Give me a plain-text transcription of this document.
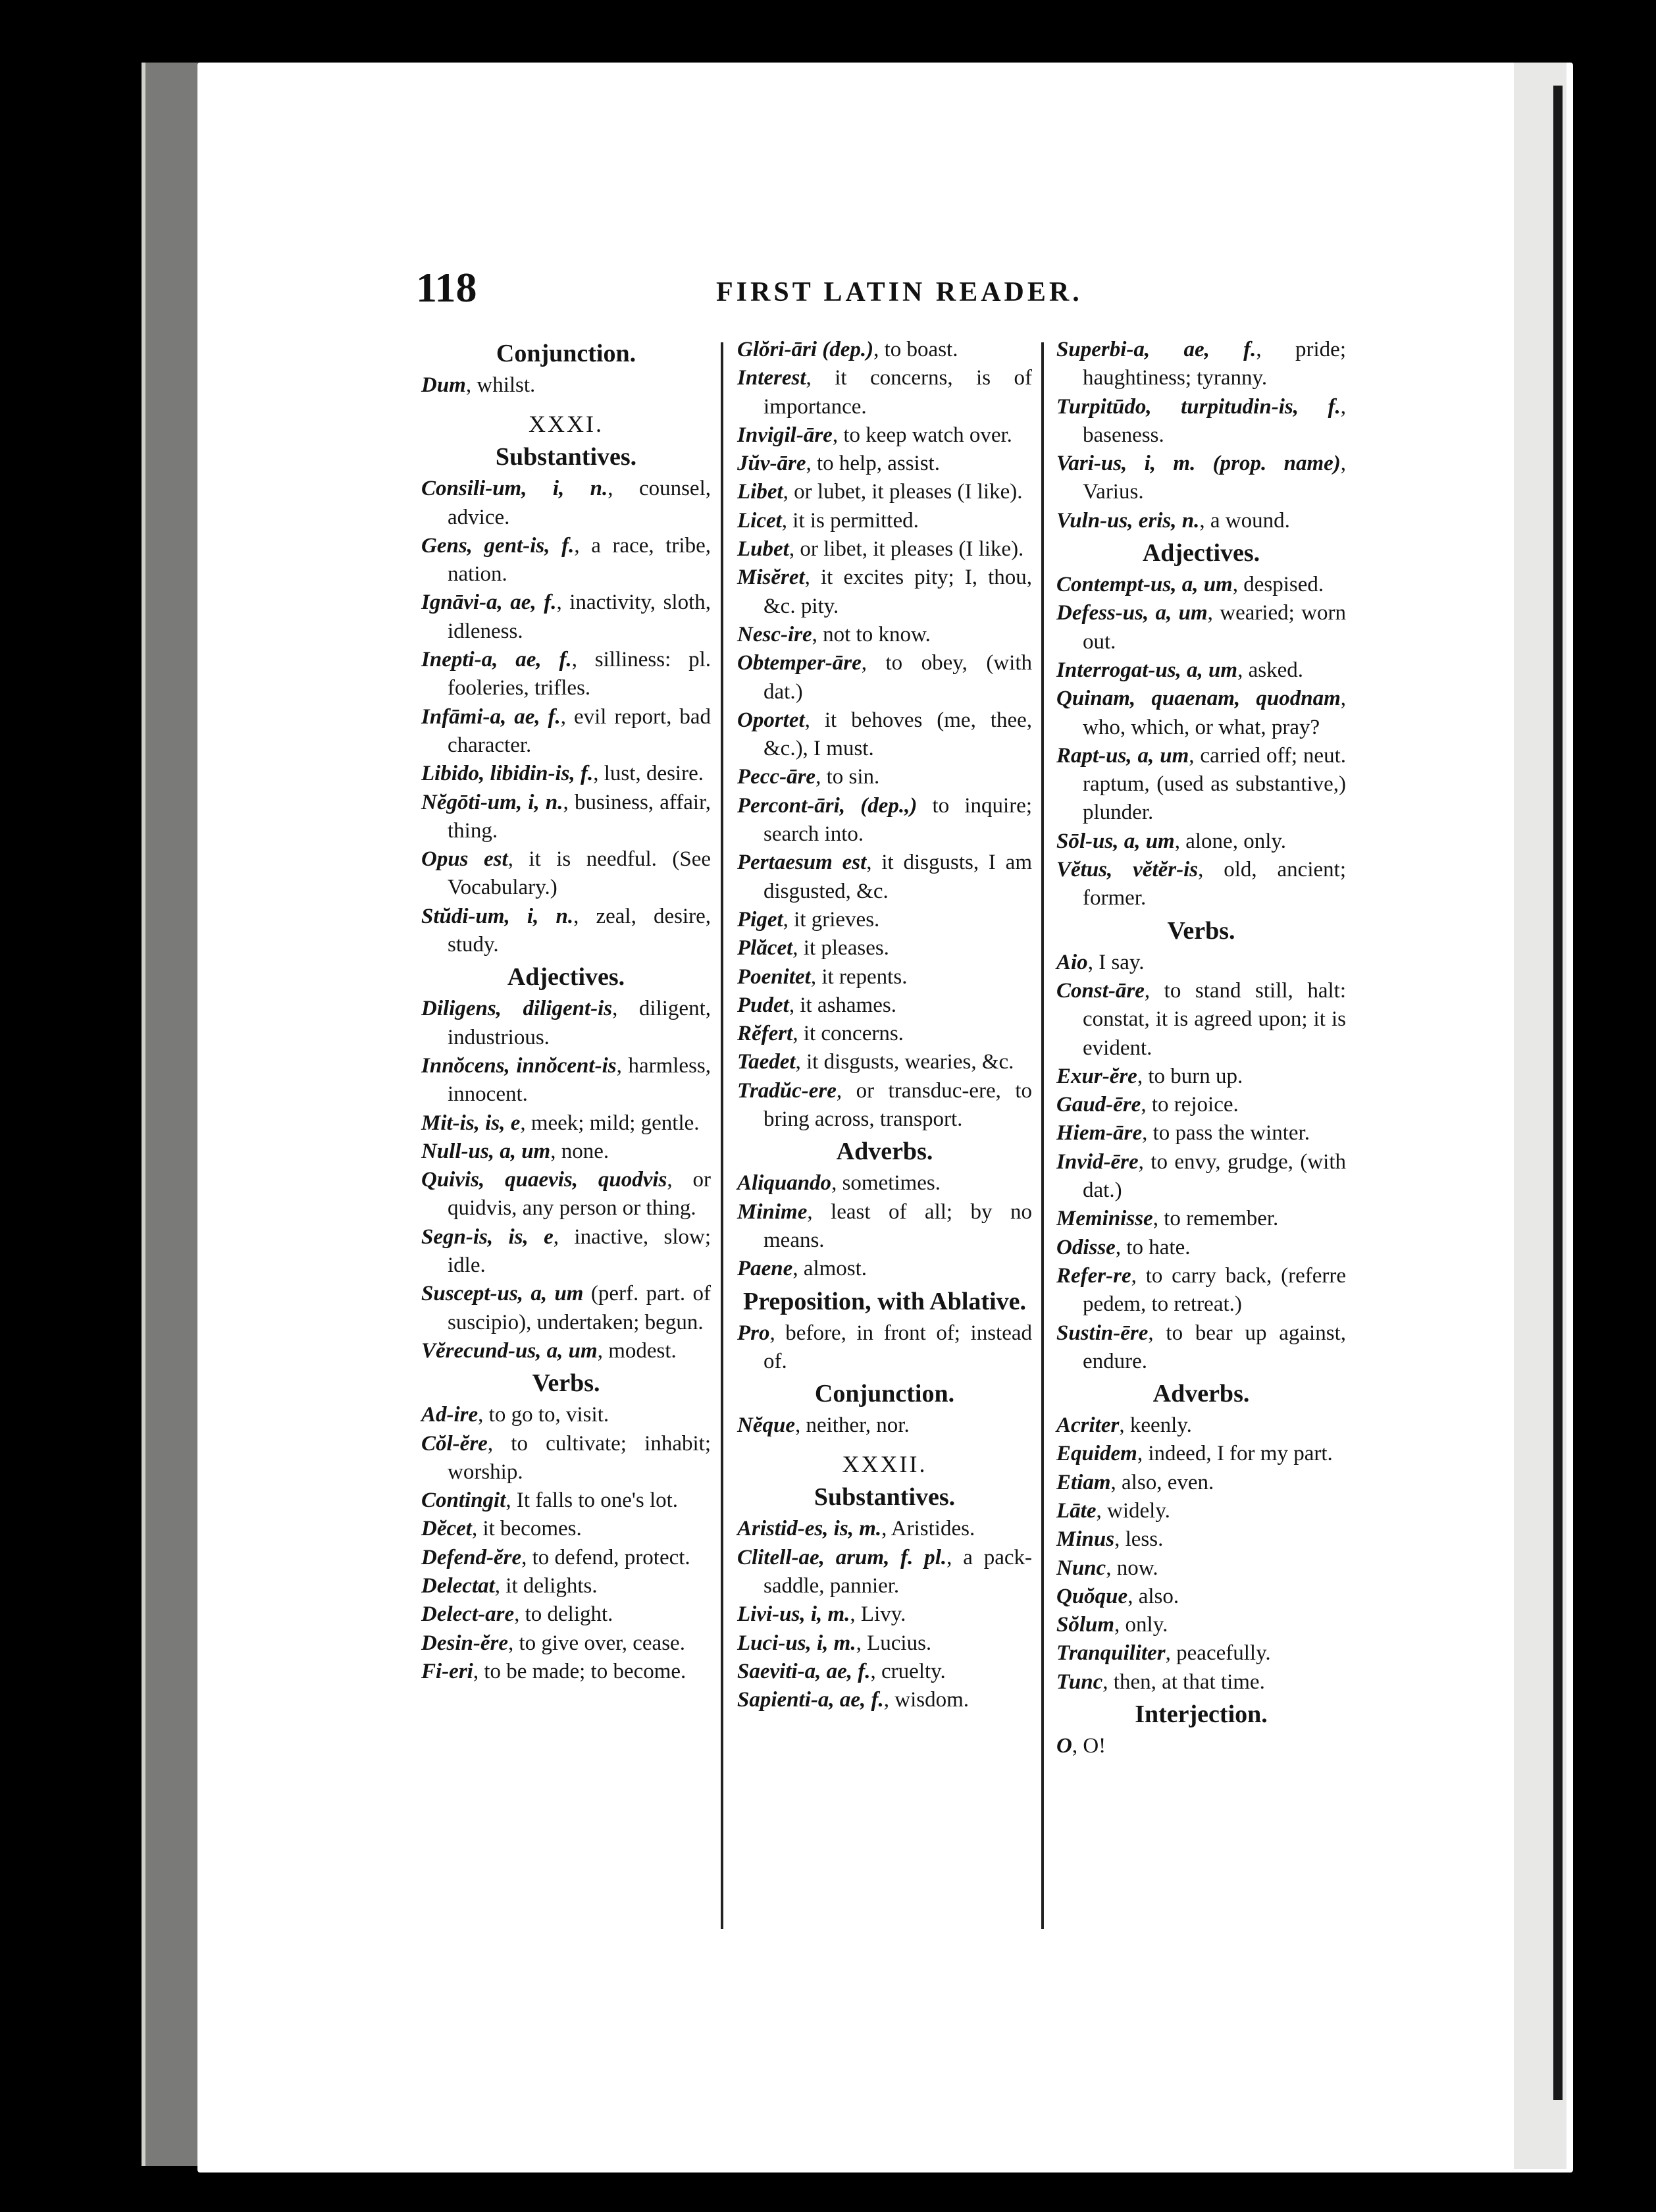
118	FIRST LATIN READER.
Conjunction.
Dum, whilst.
XXXI.
Substantives.
Consili-um, i, n., counsel, advice.
Gens, gent-is, f., a race, tribe, nation.
Ignāvi-a, ae, f., inactivity, sloth, idleness.
Inepti-a, ae, f., silliness: pl. fooleries, trifles.
Infāmi-a, ae, f., evil report, bad character.
Libido, libidin-is, f., lust, desire.
Nĕgōti-um, i, n., business, affair, thing.
Opus est, it is needful. (See Vocabulary.)
Stŭdi-um, i, n., zeal, desire, study.
Adjectives.
Diligens, diligent-is, diligent, industrious.
Innŏcens, innŏcent-is, harmless, innocent.
Mit-is, is, e, meek; mild; gentle.
Null-us, a, um, none.
Quivis, quaevis, quodvis, or quidvis, any person or thing.
Segn-is, is, e, inactive, slow; idle.
Suscept-us, a, um (perf. part. of suscipio), undertaken; begun.
Vĕrecund-us, a, um, modest.
Verbs.
Ad-ire, to go to, visit.
Cŏl-ĕre, to cultivate; inhabit; worship.
Contingit, It falls to one's lot.
Dĕcet, it becomes.
Defend-ĕre, to defend, protect.
Delectat, it delights.
Delect-are, to delight.
Desin-ĕre, to give over, cease.
Fi-eri, to be made; to become.
Glŏri-āri (dep.), to boast.
Interest, it concerns, is of importance.
Invigil-āre, to keep watch over.
Jŭv-āre, to help, assist.
Libet, or lubet, it pleases (I like).
Licet, it is permitted.
Lubet, or libet, it pleases (I like).
Misĕret, it excites pity; I, thou, &c. pity.
Nesc-ire, not to know.
Obtemper-āre, to obey, (with dat.)
Oportet, it behoves (me, thee, &c.), I must.
Pecc-āre, to sin.
Percont-āri, (dep.,) to inquire; search into.
Pertaesum est, it disgusts, I am disgusted, &c.
Piget, it grieves.
Plăcet, it pleases.
Poenitet, it repents.
Pudet, it ashames.
Rĕfert, it concerns.
Taedet, it disgusts, wearies, &c.
Tradŭc-ere, or transduc-ere, to bring across, transport.
Adverbs.
Aliquando, sometimes.
Minime, least of all; by no means.
Paene, almost.
Preposition, with Ablative.
Pro, before, in front of; instead of.
Conjunction.
Nĕque, neither, nor.
XXXII.
Substantives.
Aristid-es, is, m., Aristides.
Clitell-ae, arum, f. pl., a pack-saddle, pannier.
Livi-us, i, m., Livy.
Luci-us, i, m., Lucius.
Saeviti-a, ae, f., cruelty.
Sapienti-a, ae, f., wisdom.
Superbi-a, ae, f., pride; haughtiness; tyranny.
Turpitūdo, turpitudin-is, f., baseness.
Vari-us, i, m. (prop. name), Varius.
Vuln-us, eris, n., a wound.
Adjectives.
Contempt-us, a, um, despised.
Defess-us, a, um, wearied; worn out.
Interrogat-us, a, um, asked.
Quinam, quaenam, quodnam, who, which, or what, pray?
Rapt-us, a, um, carried off; neut. raptum, (used as substantive,) plunder.
Sōl-us, a, um, alone, only.
Vĕtus, vĕtĕr-is, old, ancient; former.
Verbs.
Aio, I say.
Const-āre, to stand still, halt: constat, it is agreed upon; it is evident.
Exur-ĕre, to burn up.
Gaud-ēre, to rejoice.
Hiem-āre, to pass the winter.
Invid-ēre, to envy, grudge, (with dat.)
Meminisse, to remember.
Odisse, to hate.
Refer-re, to carry back, (referre pedem, to retreat.)
Sustin-ēre, to bear up against, endure.
Adverbs.
Acriter, keenly.
Equidem, indeed, I for my part.
Etiam, also, even.
Lāte, widely.
Minus, less.
Nunc, now.
Quŏque, also.
Sŏlum, only.
Tranquiliter, peacefully.
Tunc, then, at that time.
Interjection.
O, O!
